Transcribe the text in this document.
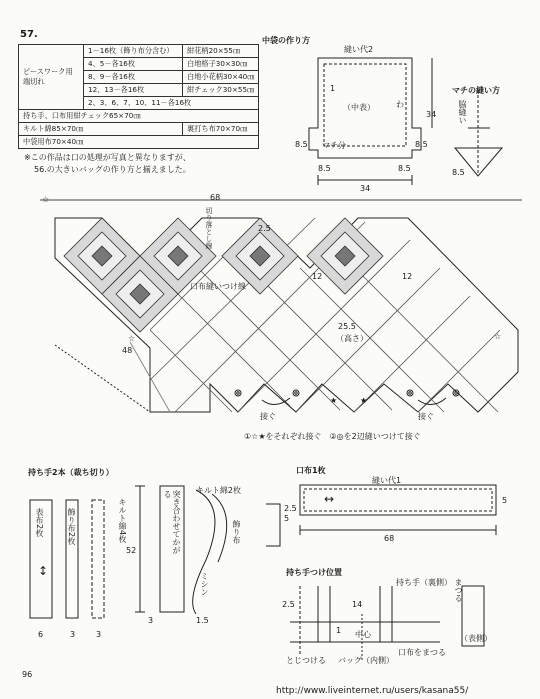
57.
ピースワーク用端切れ	1－16枚（飾り布分含む）	紺花柄20×55㎝
	4、5－各16枚	白地格子30×30㎝
	8、9－各16枚	白地小花柄30×40㎝
	12、13－各16枚	紺チェック30×55㎝
	2、3、6、7、10、11－各16枚	
持ち手、口布用紺チェック65×70㎝		
キルト綿85×70㎝		裏打ち布70×70㎝
中袋用布70×40㎝		
※この作品は口の処理が写真と異なりますが、
56.の大きいバッグの作り方と揃えました。
中袋の作り方
縫い代2
（中表）	わ
1
マチ分
34
8.5	8.5
8.5	8.5
34
マチの縫い方
脇縫い
8.5
68
切り落とし線	2.5
口布縫いつけ線
12	12
25.5
（高さ）
48
接ぐ	接ぐ
①☆★をそれぞれ接ぐ　②◎を2辺縫いつけて接ぐ
☆
☆
☆
★	★
持ち手2本（裁ち切り）
表布2枚	飾り布2枚	キルト綿4枚	突き合わせてかがる	キルト綿2枚
飾り布
ミシン
52
6	3	3
3	1.5
↕
口布1枚
縫い代1
5
5
2.5
68
↔
持ち手つけ位置
持ち手（裏側）
2.5	14
1 中心
とじつける バッグ（内側）
口布をまつる
まつる
（表側）
96
http://www.liveinternet.ru/users/kasana55/
